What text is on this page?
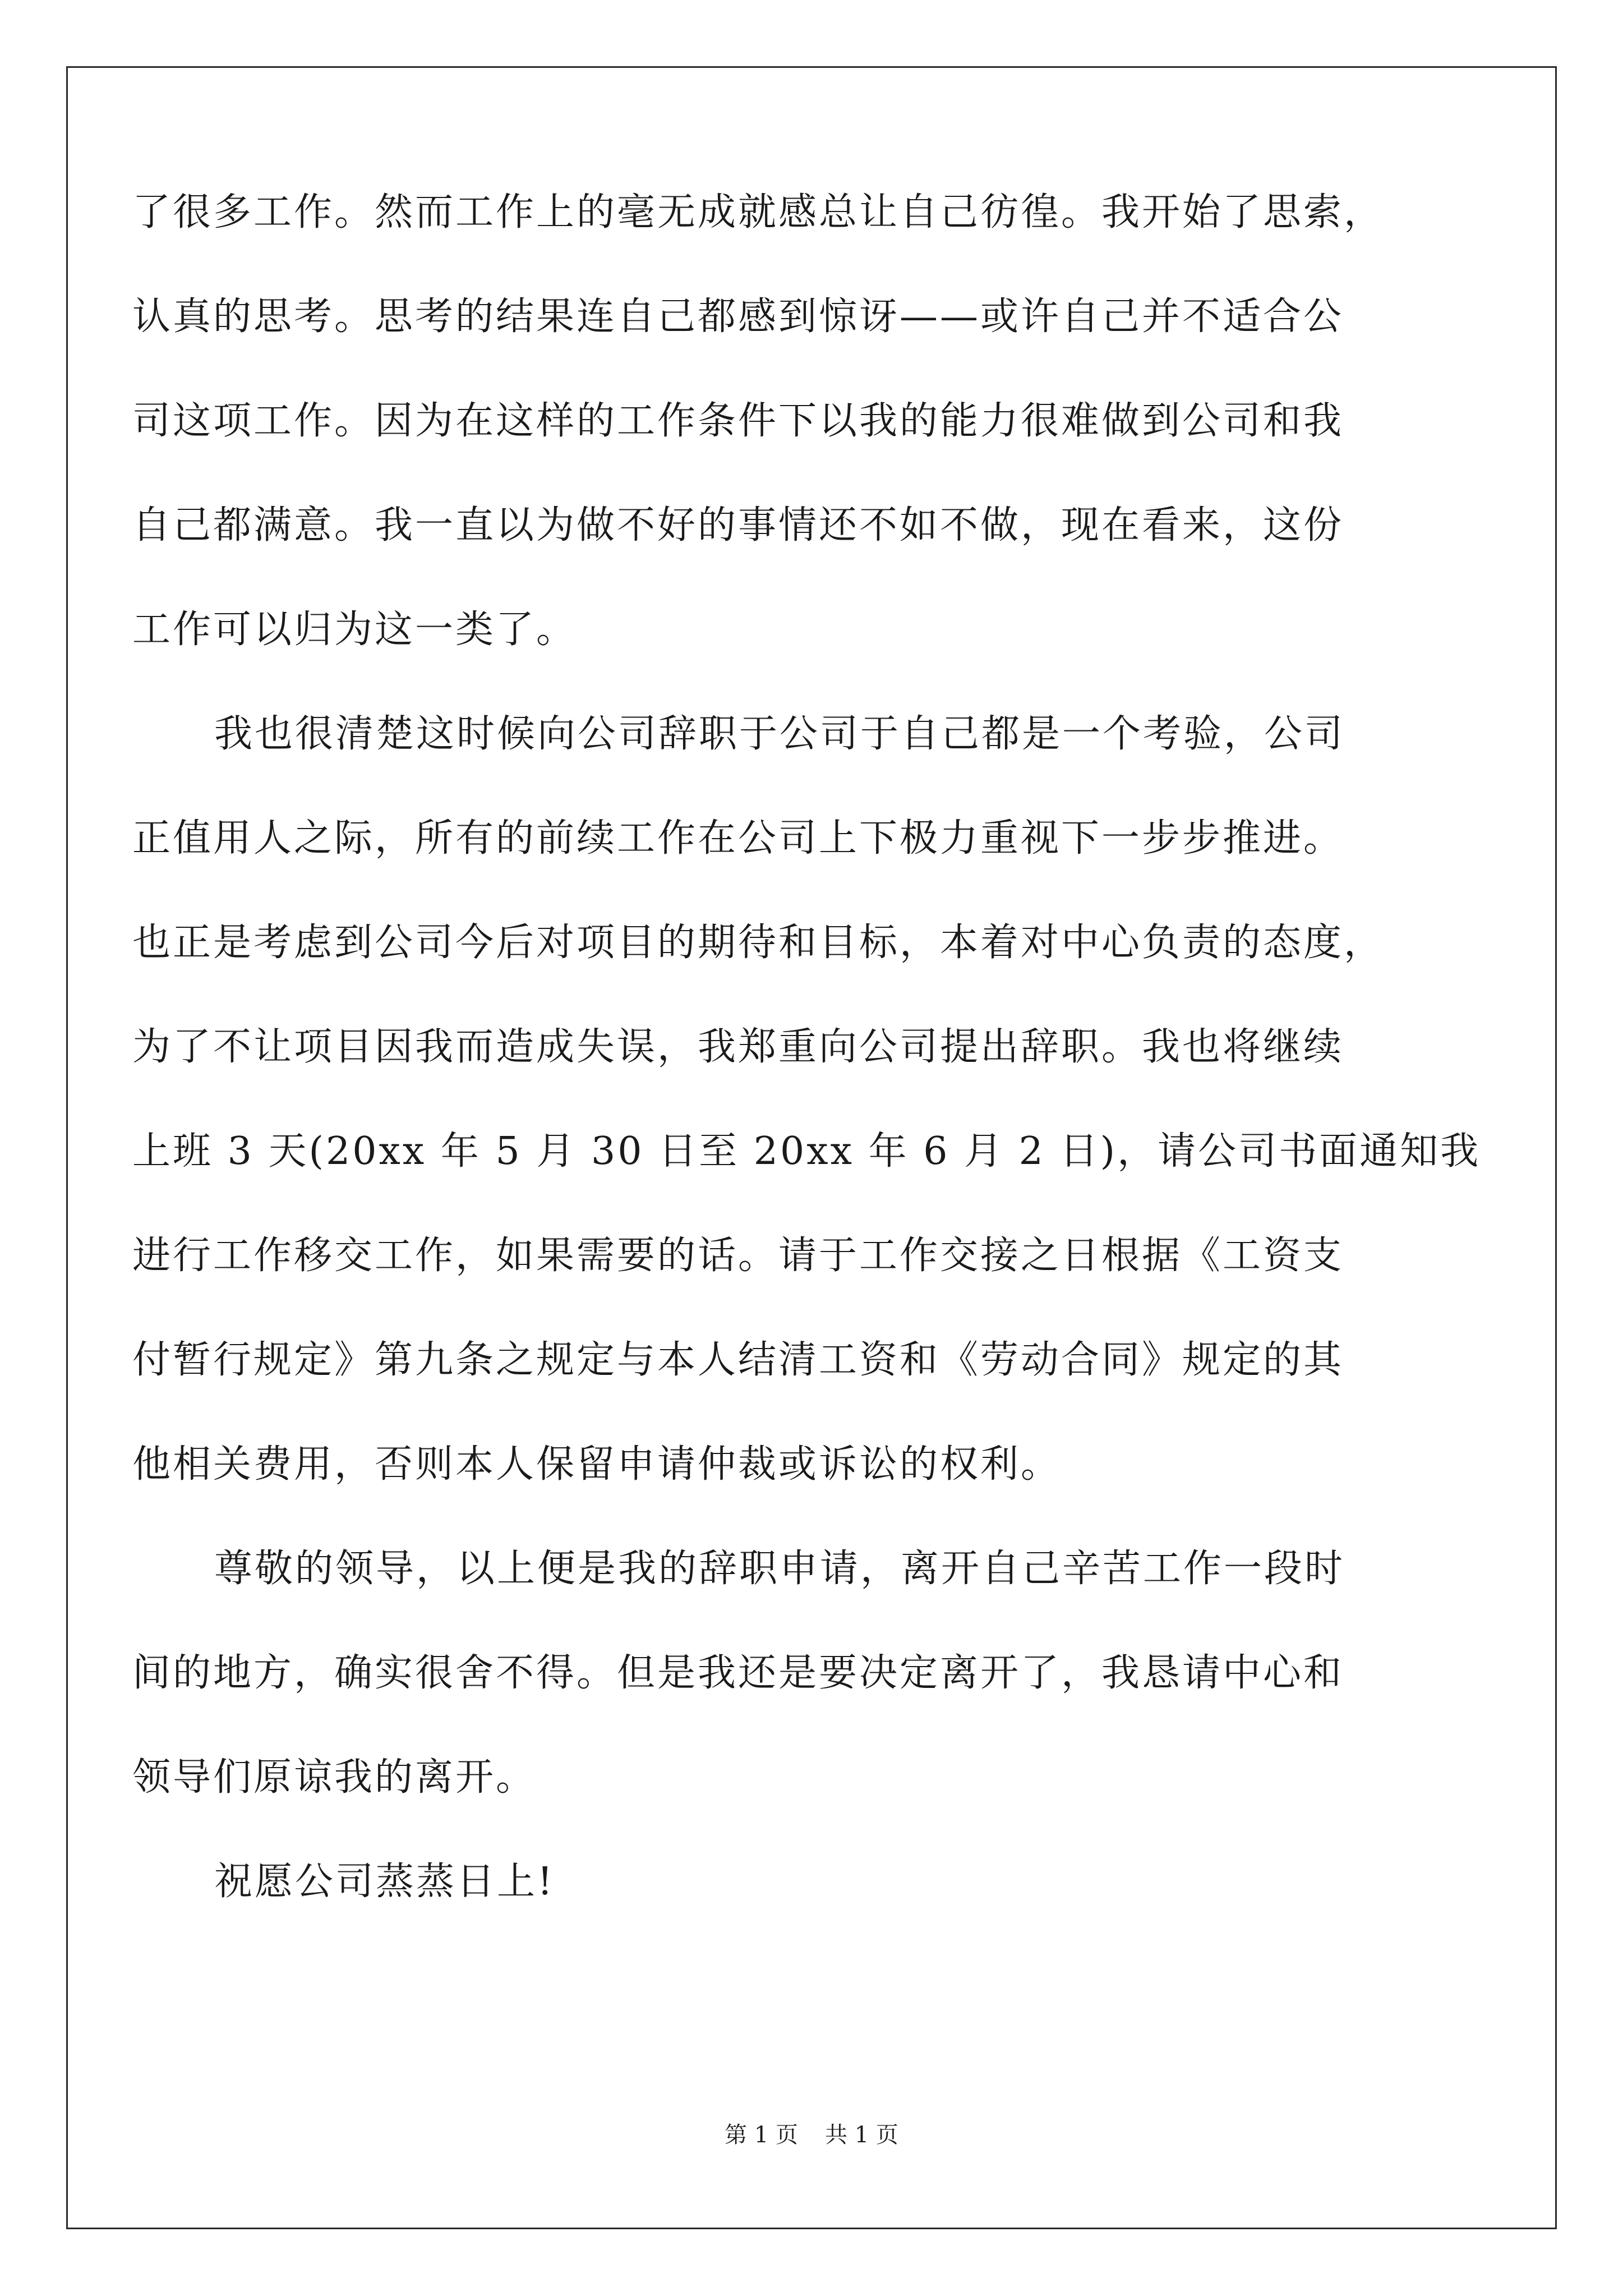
了很多工作。然而工作上的毫无成就感总让自己彷徨。我开始了思索，
认真的思考。思考的结果连自己都感到惊讶——或许自己并不适合公
司这项工作。因为在这样的工作条件下以我的能力很难做到公司和我
自己都满意。我一直以为做不好的事情还不如不做，现在看来，这份
工作可以归为这一类了。
我也很清楚这时候向公司辞职于公司于自己都是一个考验，公司
正值用人之际，所有的前续工作在公司上下极力重视下一步步推进。
也正是考虑到公司今后对项目的期待和目标，本着对中心负责的态度，
为了不让项目因我而造成失误，我郑重向公司提出辞职。我也将继续
上班 3 天(20xx 年 5 月 30 日至 20xx 年 6 月 2 日)，请公司书面通知我
进行工作移交工作，如果需要的话。请于工作交接之日根据《工资支
付暂行规定》第九条之规定与本人结清工资和《劳动合同》规定的其
他相关费用，否则本人保留申请仲裁或诉讼的权利。
尊敬的领导，以上便是我的辞职申请，离开自己辛苦工作一段时
间的地方，确实很舍不得。但是我还是要决定离开了，我恳请中心和
领导们原谅我的离开。
祝愿公司蒸蒸日上!
第 1 页 共 1 页
